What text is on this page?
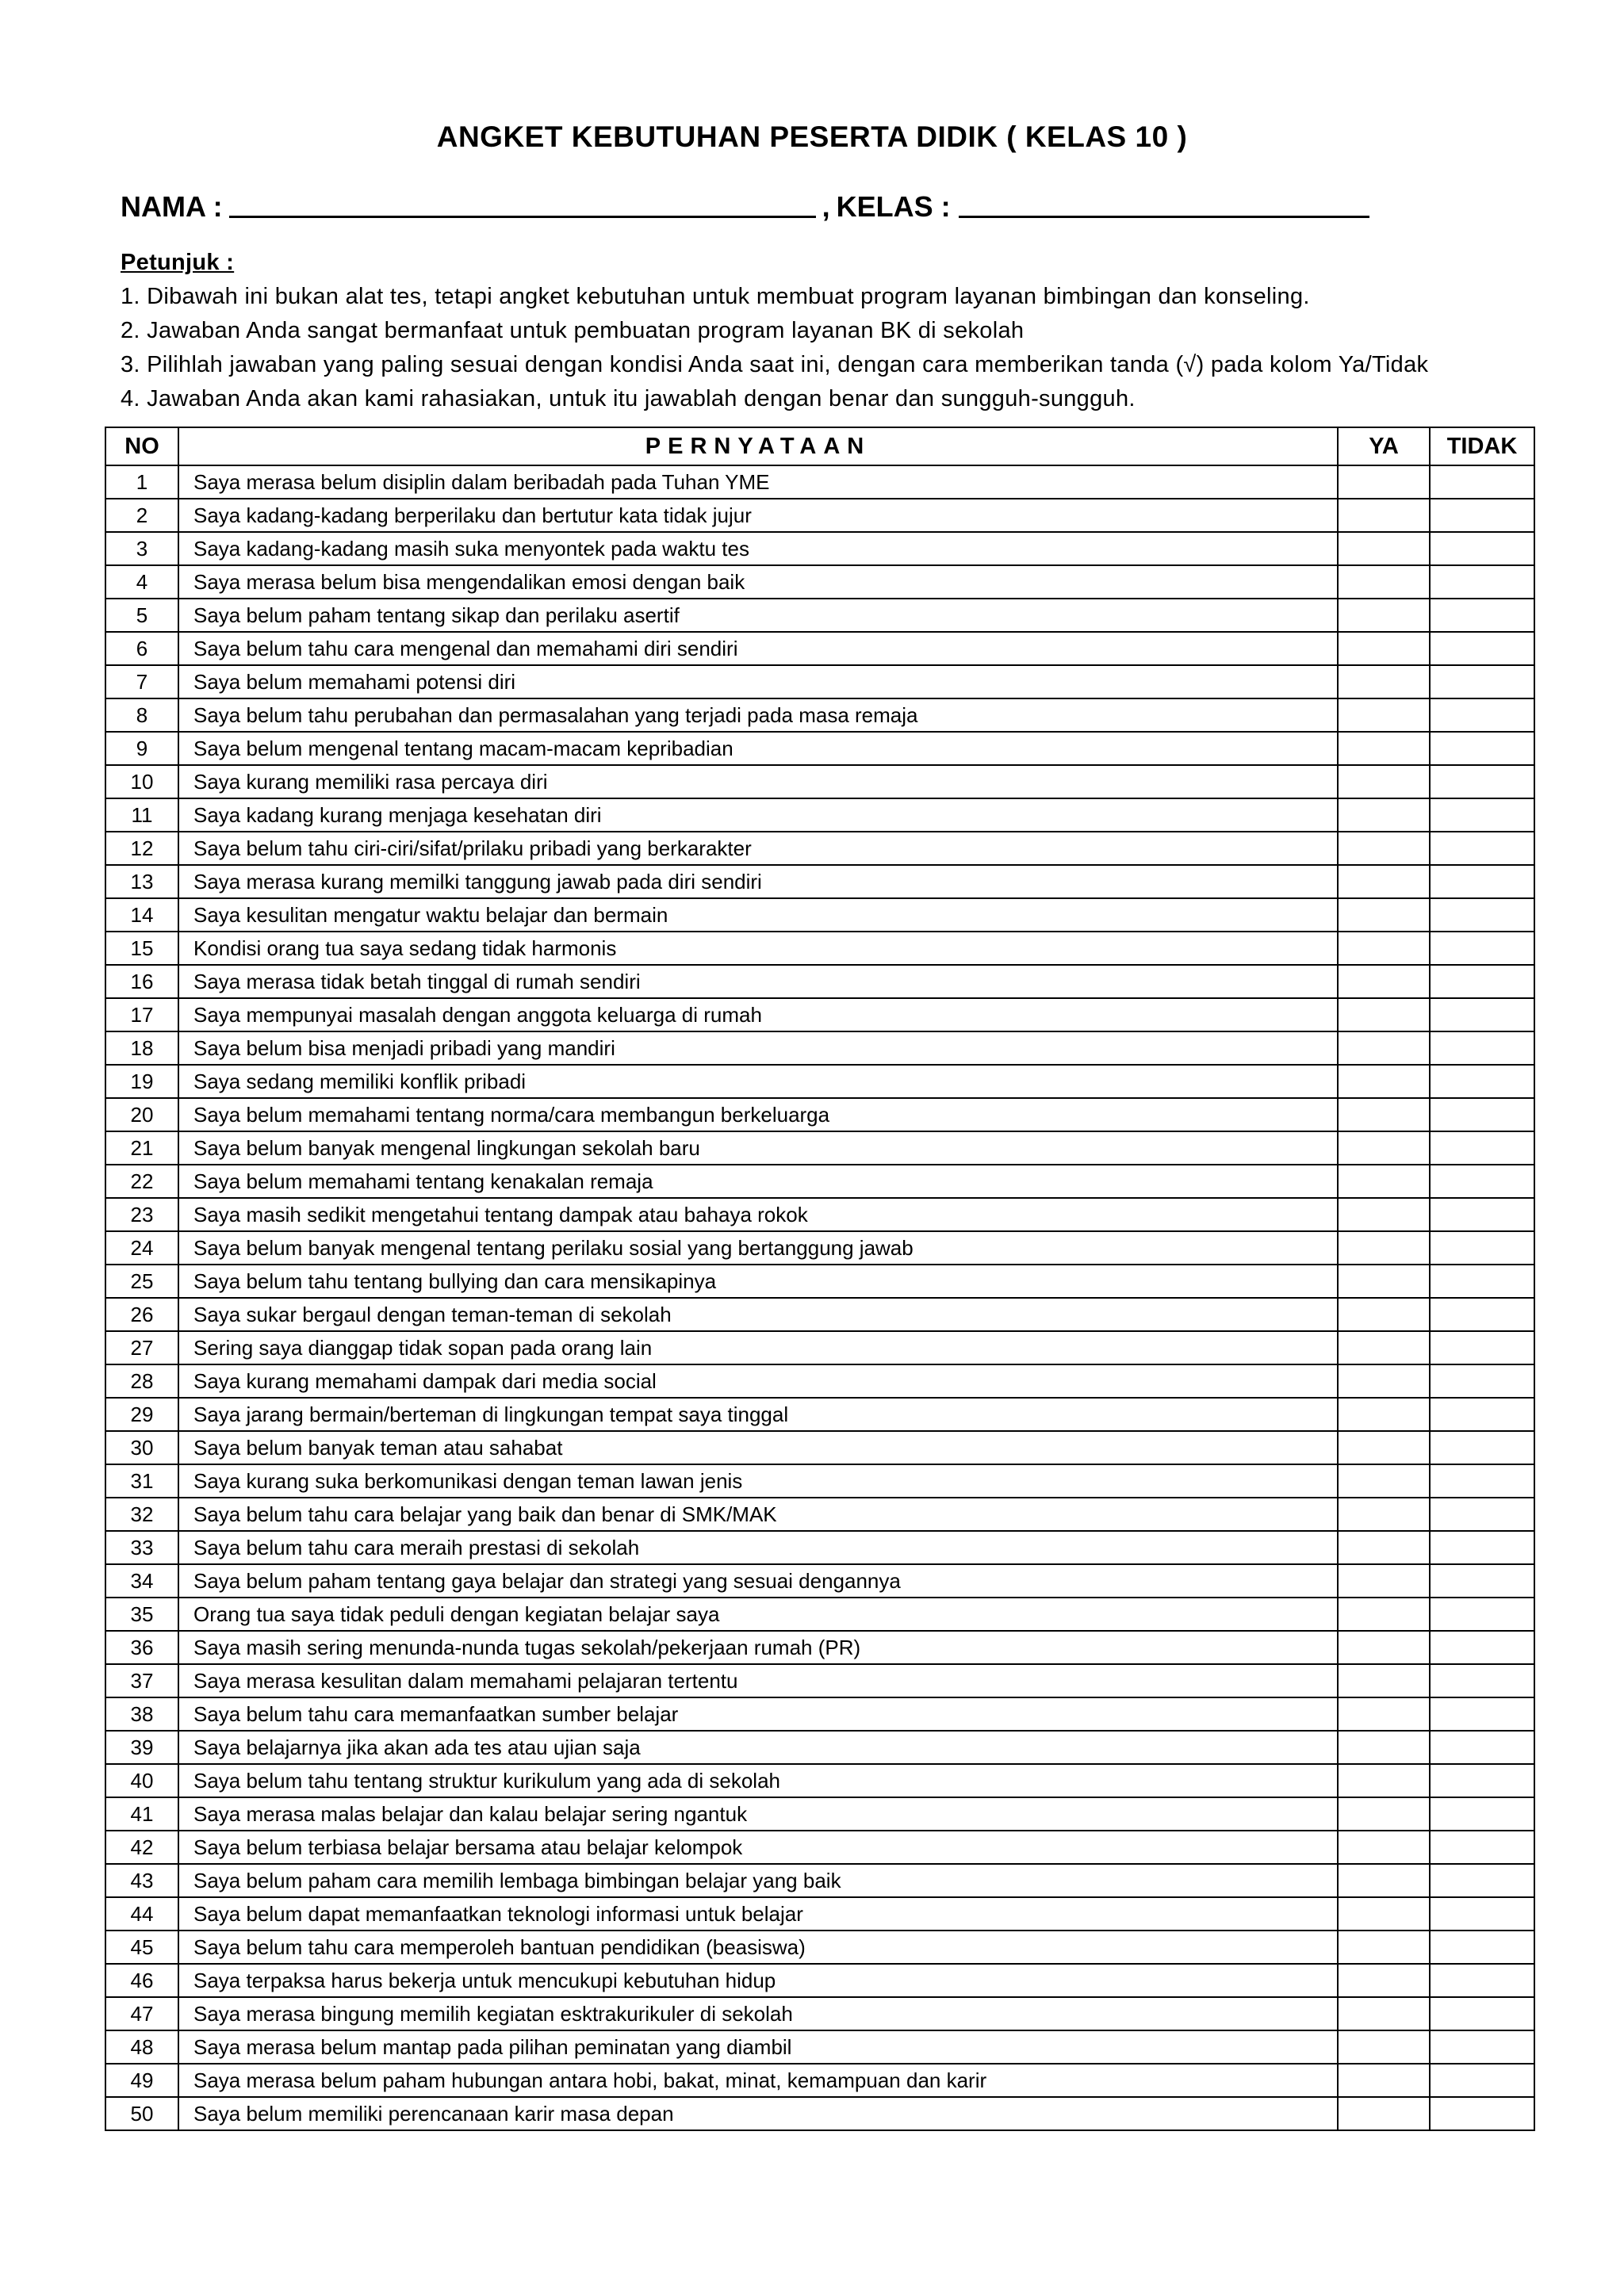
ANGKET KEBUTUHAN PESERTA DIDIK ( KELAS 10 )
NAMA :	, KELAS :
Petunjuk :
1. Dibawah ini bukan alat tes, tetapi angket kebutuhan untuk membuat program layanan bimbingan dan konseling.
2. Jawaban Anda sangat bermanfaat untuk pembuatan program layanan BK di sekolah
3. Pilihlah jawaban yang paling sesuai dengan kondisi Anda saat ini, dengan cara memberikan tanda (√) pada kolom Ya/Tidak
4. Jawaban Anda akan kami rahasiakan, untuk itu jawablah dengan benar dan sungguh-sungguh.
NO	PERNYATAAN	YA	TIDAK
1	Saya merasa belum disiplin dalam beribadah pada Tuhan YME		
2	Saya kadang-kadang berperilaku dan bertutur kata tidak jujur		
3	Saya kadang-kadang masih suka menyontek pada waktu tes		
4	Saya merasa belum bisa mengendalikan emosi dengan baik		
5	Saya belum paham tentang sikap dan perilaku asertif		
6	Saya belum tahu cara mengenal dan memahami diri sendiri		
7	Saya belum memahami potensi diri		
8	Saya belum tahu perubahan dan permasalahan yang terjadi pada masa remaja		
9	Saya belum mengenal tentang macam-macam kepribadian		
10	Saya kurang memiliki rasa percaya diri		
11	Saya kadang kurang menjaga kesehatan diri		
12	Saya belum tahu ciri-ciri/sifat/prilaku pribadi yang berkarakter		
13	Saya merasa kurang memilki tanggung jawab pada diri sendiri		
14	Saya kesulitan mengatur waktu belajar dan bermain		
15	Kondisi orang tua saya sedang tidak harmonis		
16	Saya merasa tidak betah tinggal di rumah sendiri		
17	Saya mempunyai masalah dengan anggota keluarga di rumah		
18	Saya belum bisa menjadi pribadi yang mandiri		
19	Saya sedang memiliki konflik pribadi		
20	Saya belum memahami tentang norma/cara membangun berkeluarga		
21	Saya belum banyak mengenal lingkungan sekolah baru		
22	Saya belum memahami tentang kenakalan remaja		
23	Saya masih sedikit mengetahui tentang dampak atau bahaya rokok		
24	Saya belum banyak mengenal tentang perilaku sosial yang bertanggung jawab		
25	Saya belum tahu tentang bullying dan cara mensikapinya		
26	Saya sukar bergaul dengan teman-teman di sekolah		
27	Sering saya dianggap tidak sopan pada orang lain		
28	Saya kurang memahami dampak dari media social		
29	Saya jarang bermain/berteman di lingkungan tempat saya tinggal		
30	Saya belum banyak teman atau sahabat		
31	Saya kurang suka berkomunikasi dengan teman lawan jenis		
32	Saya belum tahu cara belajar yang baik dan benar di SMK/MAK		
33	Saya belum tahu cara meraih prestasi di sekolah		
34	Saya belum paham tentang gaya belajar dan strategi yang sesuai dengannya		
35	Orang tua saya tidak peduli dengan kegiatan belajar saya		
36	Saya masih sering menunda-nunda tugas sekolah/pekerjaan rumah (PR)		
37	Saya merasa kesulitan dalam memahami pelajaran tertentu		
38	Saya belum tahu cara memanfaatkan sumber belajar		
39	Saya belajarnya jika akan ada tes atau ujian saja		
40	Saya belum tahu tentang struktur kurikulum yang ada di sekolah		
41	Saya merasa malas belajar dan kalau belajar sering ngantuk		
42	Saya belum terbiasa belajar bersama atau belajar kelompok		
43	Saya belum paham cara memilih lembaga bimbingan belajar yang baik		
44	Saya belum dapat memanfaatkan teknologi informasi untuk belajar		
45	Saya belum tahu cara memperoleh bantuan pendidikan (beasiswa)		
46	Saya terpaksa harus bekerja untuk mencukupi kebutuhan hidup		
47	Saya merasa bingung memilih kegiatan esktrakurikuler di sekolah		
48	Saya merasa belum mantap pada pilihan peminatan yang diambil		
49	Saya merasa belum paham hubungan antara hobi, bakat, minat, kemampuan dan karir		
50	Saya belum memiliki perencanaan karir masa depan		
